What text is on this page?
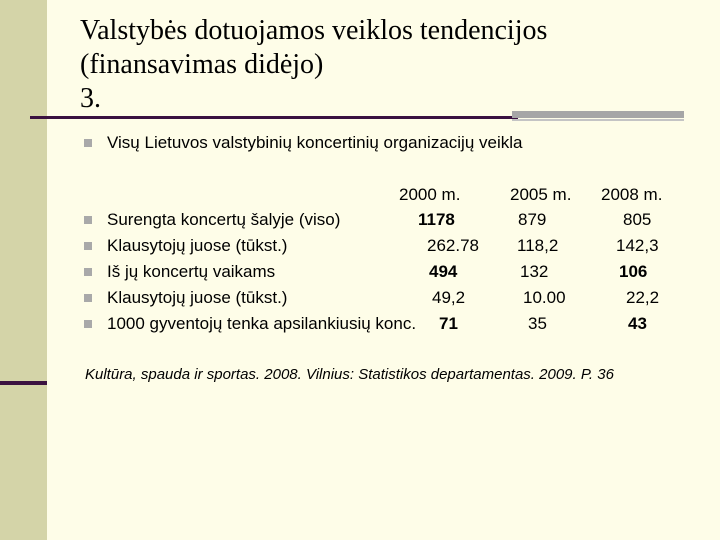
Valstybės dotuojamos veiklos tendencijos
(finansavimas didėjo)
3.
Visų Lietuvos valstybinių koncertinių organizacijų veikla
2000 m.	2005 m. 2008 m.
Surengta koncertų šalyje (viso)	1178	879	805
Klausytojų juose (tūkst.)	262.78 118,2	142,3
Iš jų koncertų vaikams	494	132	106
Klausytojų juose (tūkst.)	49,2	10.00	22,2
1000 gyventojų tenka apsilankiusių konc. 71	35	43
Kultūra, spauda ir sportas. 2008. Vilnius: Statistikos departamentas. 2009. P. 36
